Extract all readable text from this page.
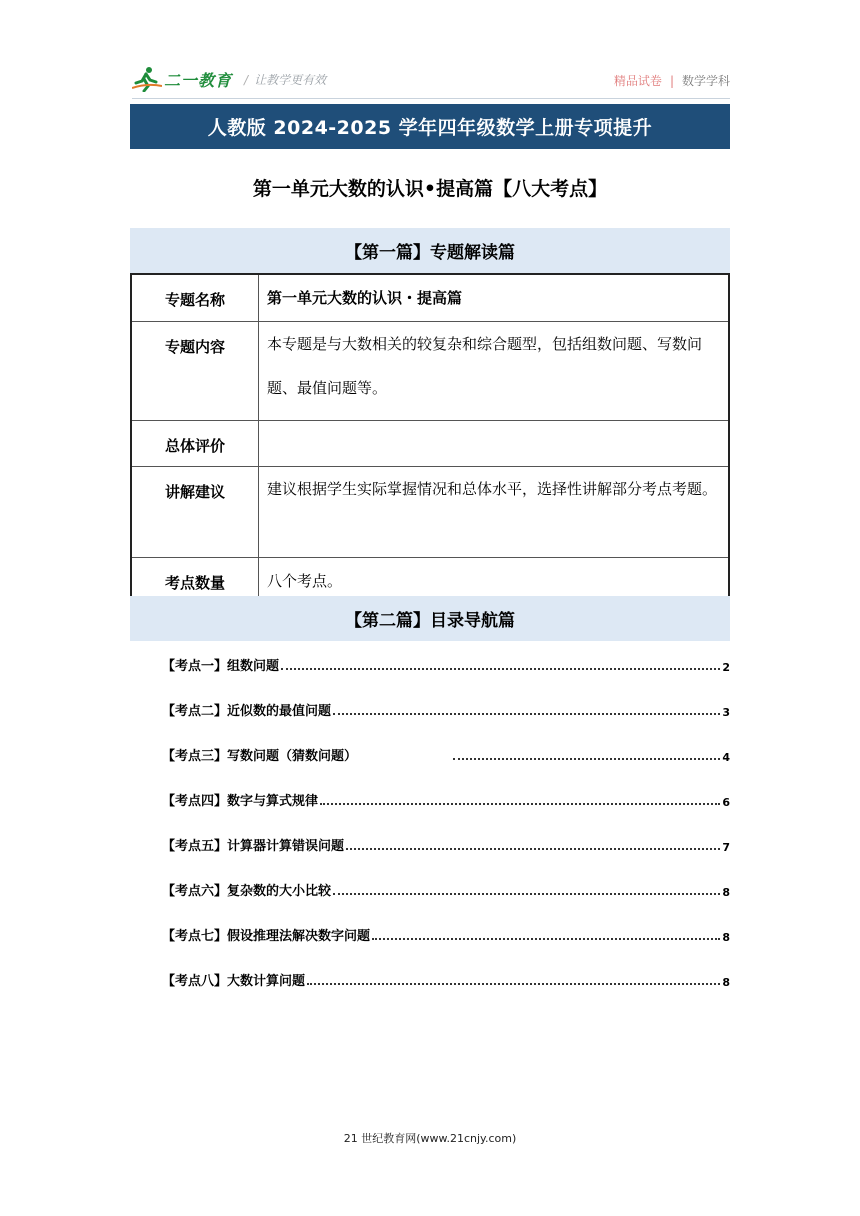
二一教育 / 让教学更有效	精品试卷 | 数学学科
人教版 2024-2025 学年四年级数学上册专项提升
第一单元大数的认识•提高篇【八大考点】
【第一篇】专题解读篇
专题名称	第一单元大数的认识・提高篇
专题内容	本专题是与大数相关的较复杂和综合题型，包括组数问题、写数问题、最值问题等。
总体评价	
讲解建议	建议根据学生实际掌握情况和总体水平，选择性讲解部分考点考题。
考点数量	八个考点。
【第二篇】目录导航篇
【考点一】组数问题	2
【考点二】近似数的最值问题	3
【考点三】写数问题（猜数问题）	4
【考点四】数字与算式规律	6
【考点五】计算器计算错误问题	7
【考点六】复杂数的大小比较	8
【考点七】假设推理法解决数字问题	8
【考点八】大数计算问题	8
21 世纪教育网(www.21cnjy.com)
